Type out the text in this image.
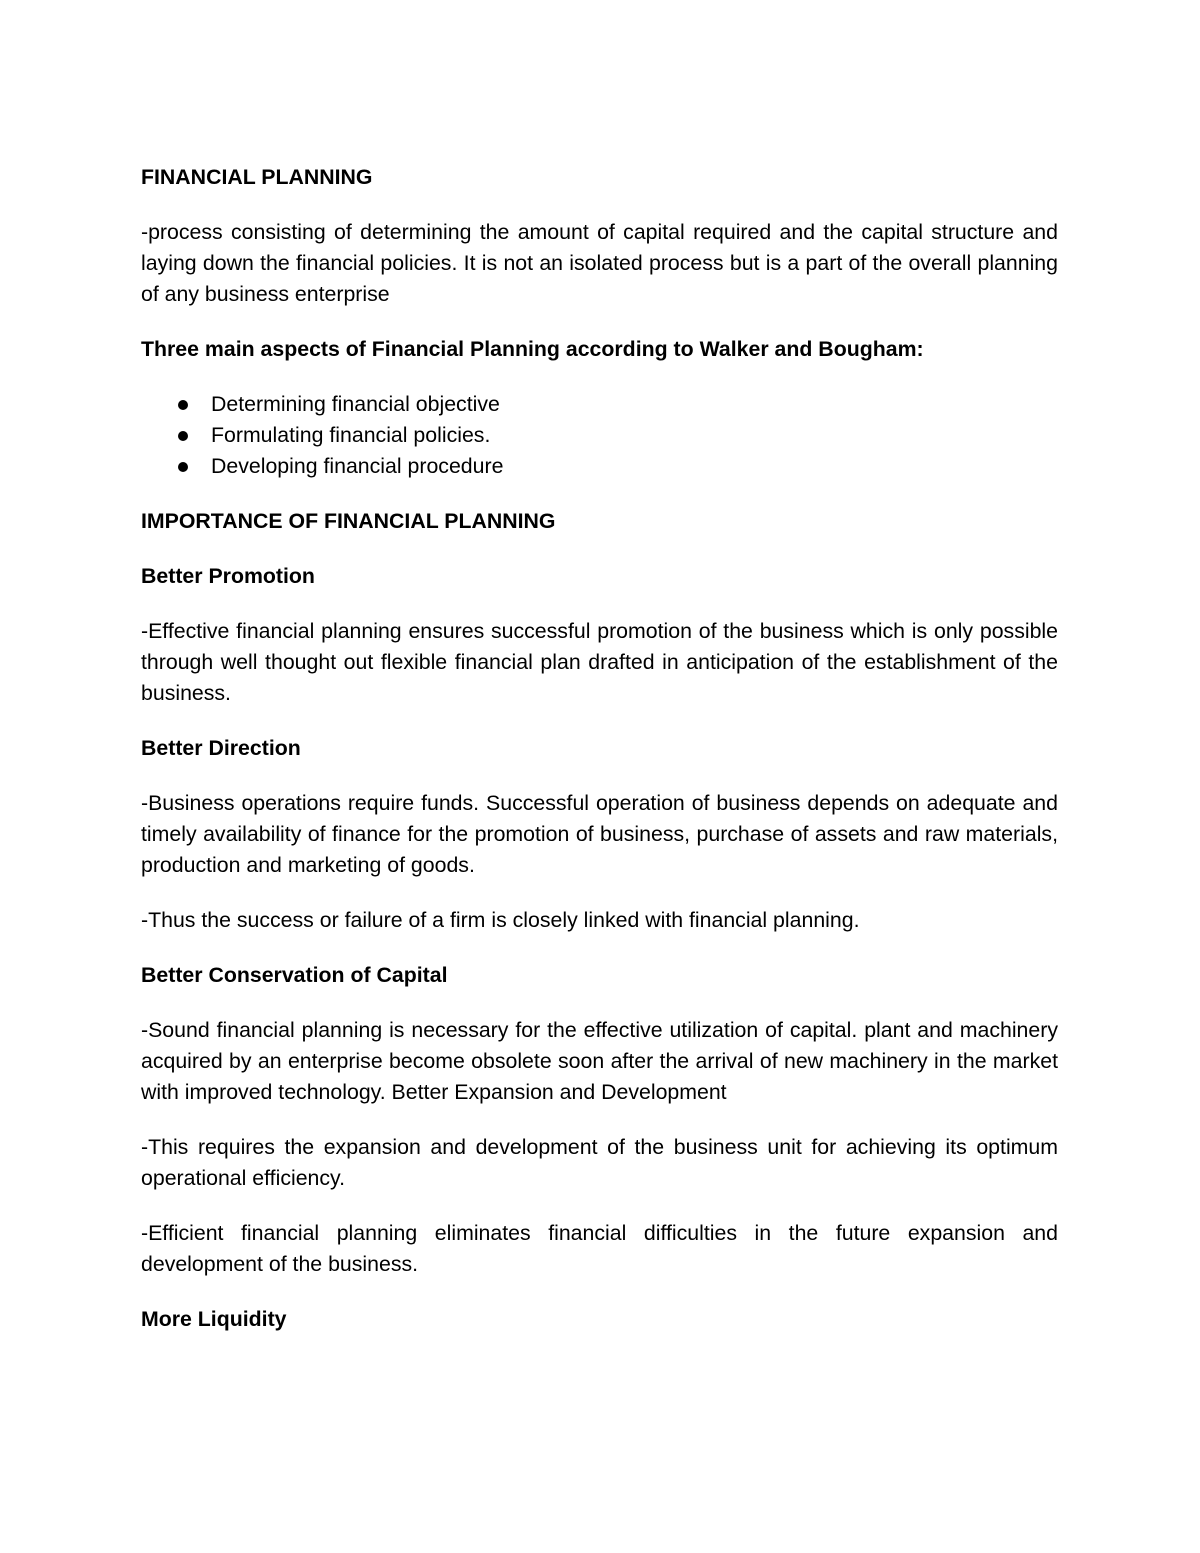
FINANCIAL PLANNING

-process consisting of determining the amount of capital required and the capital structure and laying down the financial policies. It is not an isolated process but is a part of the overall planning of any business enterprise

Three main aspects of Financial Planning according to Walker and Bougham:
Determining financial objective
Formulating financial policies.
Developing financial procedure
IMPORTANCE OF FINANCIAL PLANNING
Better Promotion

-Effective financial planning ensures successful promotion of the business which is only possible through well thought out flexible financial plan drafted in anticipation of the establishment of the business.

Better Direction

-Business operations require funds. Successful operation of business depends on adequate and timely availability of finance for the promotion of business, purchase of assets and raw materials, production and marketing of goods.

-Thus the success or failure of a firm is closely linked with financial planning.

Better Conservation of Capital

-Sound financial planning is necessary for the effective utilization of capital. plant and machinery acquired by an enterprise become obsolete soon after the arrival of new machinery in the market with improved technology. Better Expansion and Development

-This requires the expansion and development of the business unit for achieving its optimum operational efficiency.

-Efficient financial planning eliminates financial difficulties in the future expansion and development of the business.

More Liquidity
